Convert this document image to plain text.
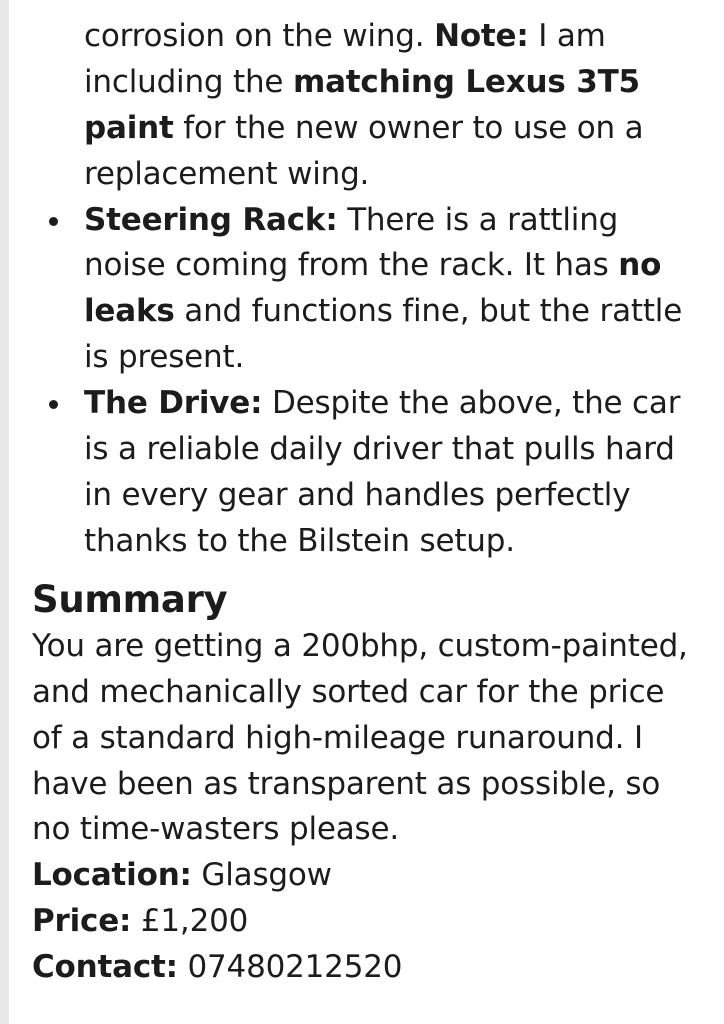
corrosion on the wing. Note: I am including the matching Lexus 3T5 paint for the new owner to use on a replacement wing.

Steering Rack: There is a rattling noise coming from the rack. It has no leaks and functions fine, but the rattle is present.
The Drive: Despite the above, the car is a reliable daily driver that pulls hard in every gear and handles perfectly thanks to the Bilstein setup.
Summary

You are getting a 200bhp, custom-painted, and mechanically sorted car for the price of a standard high-mileage runaround. I have been as transparent as possible, so no time-wasters please.

Location: Glasgow

Price: £1,200

Contact: 07480212520
